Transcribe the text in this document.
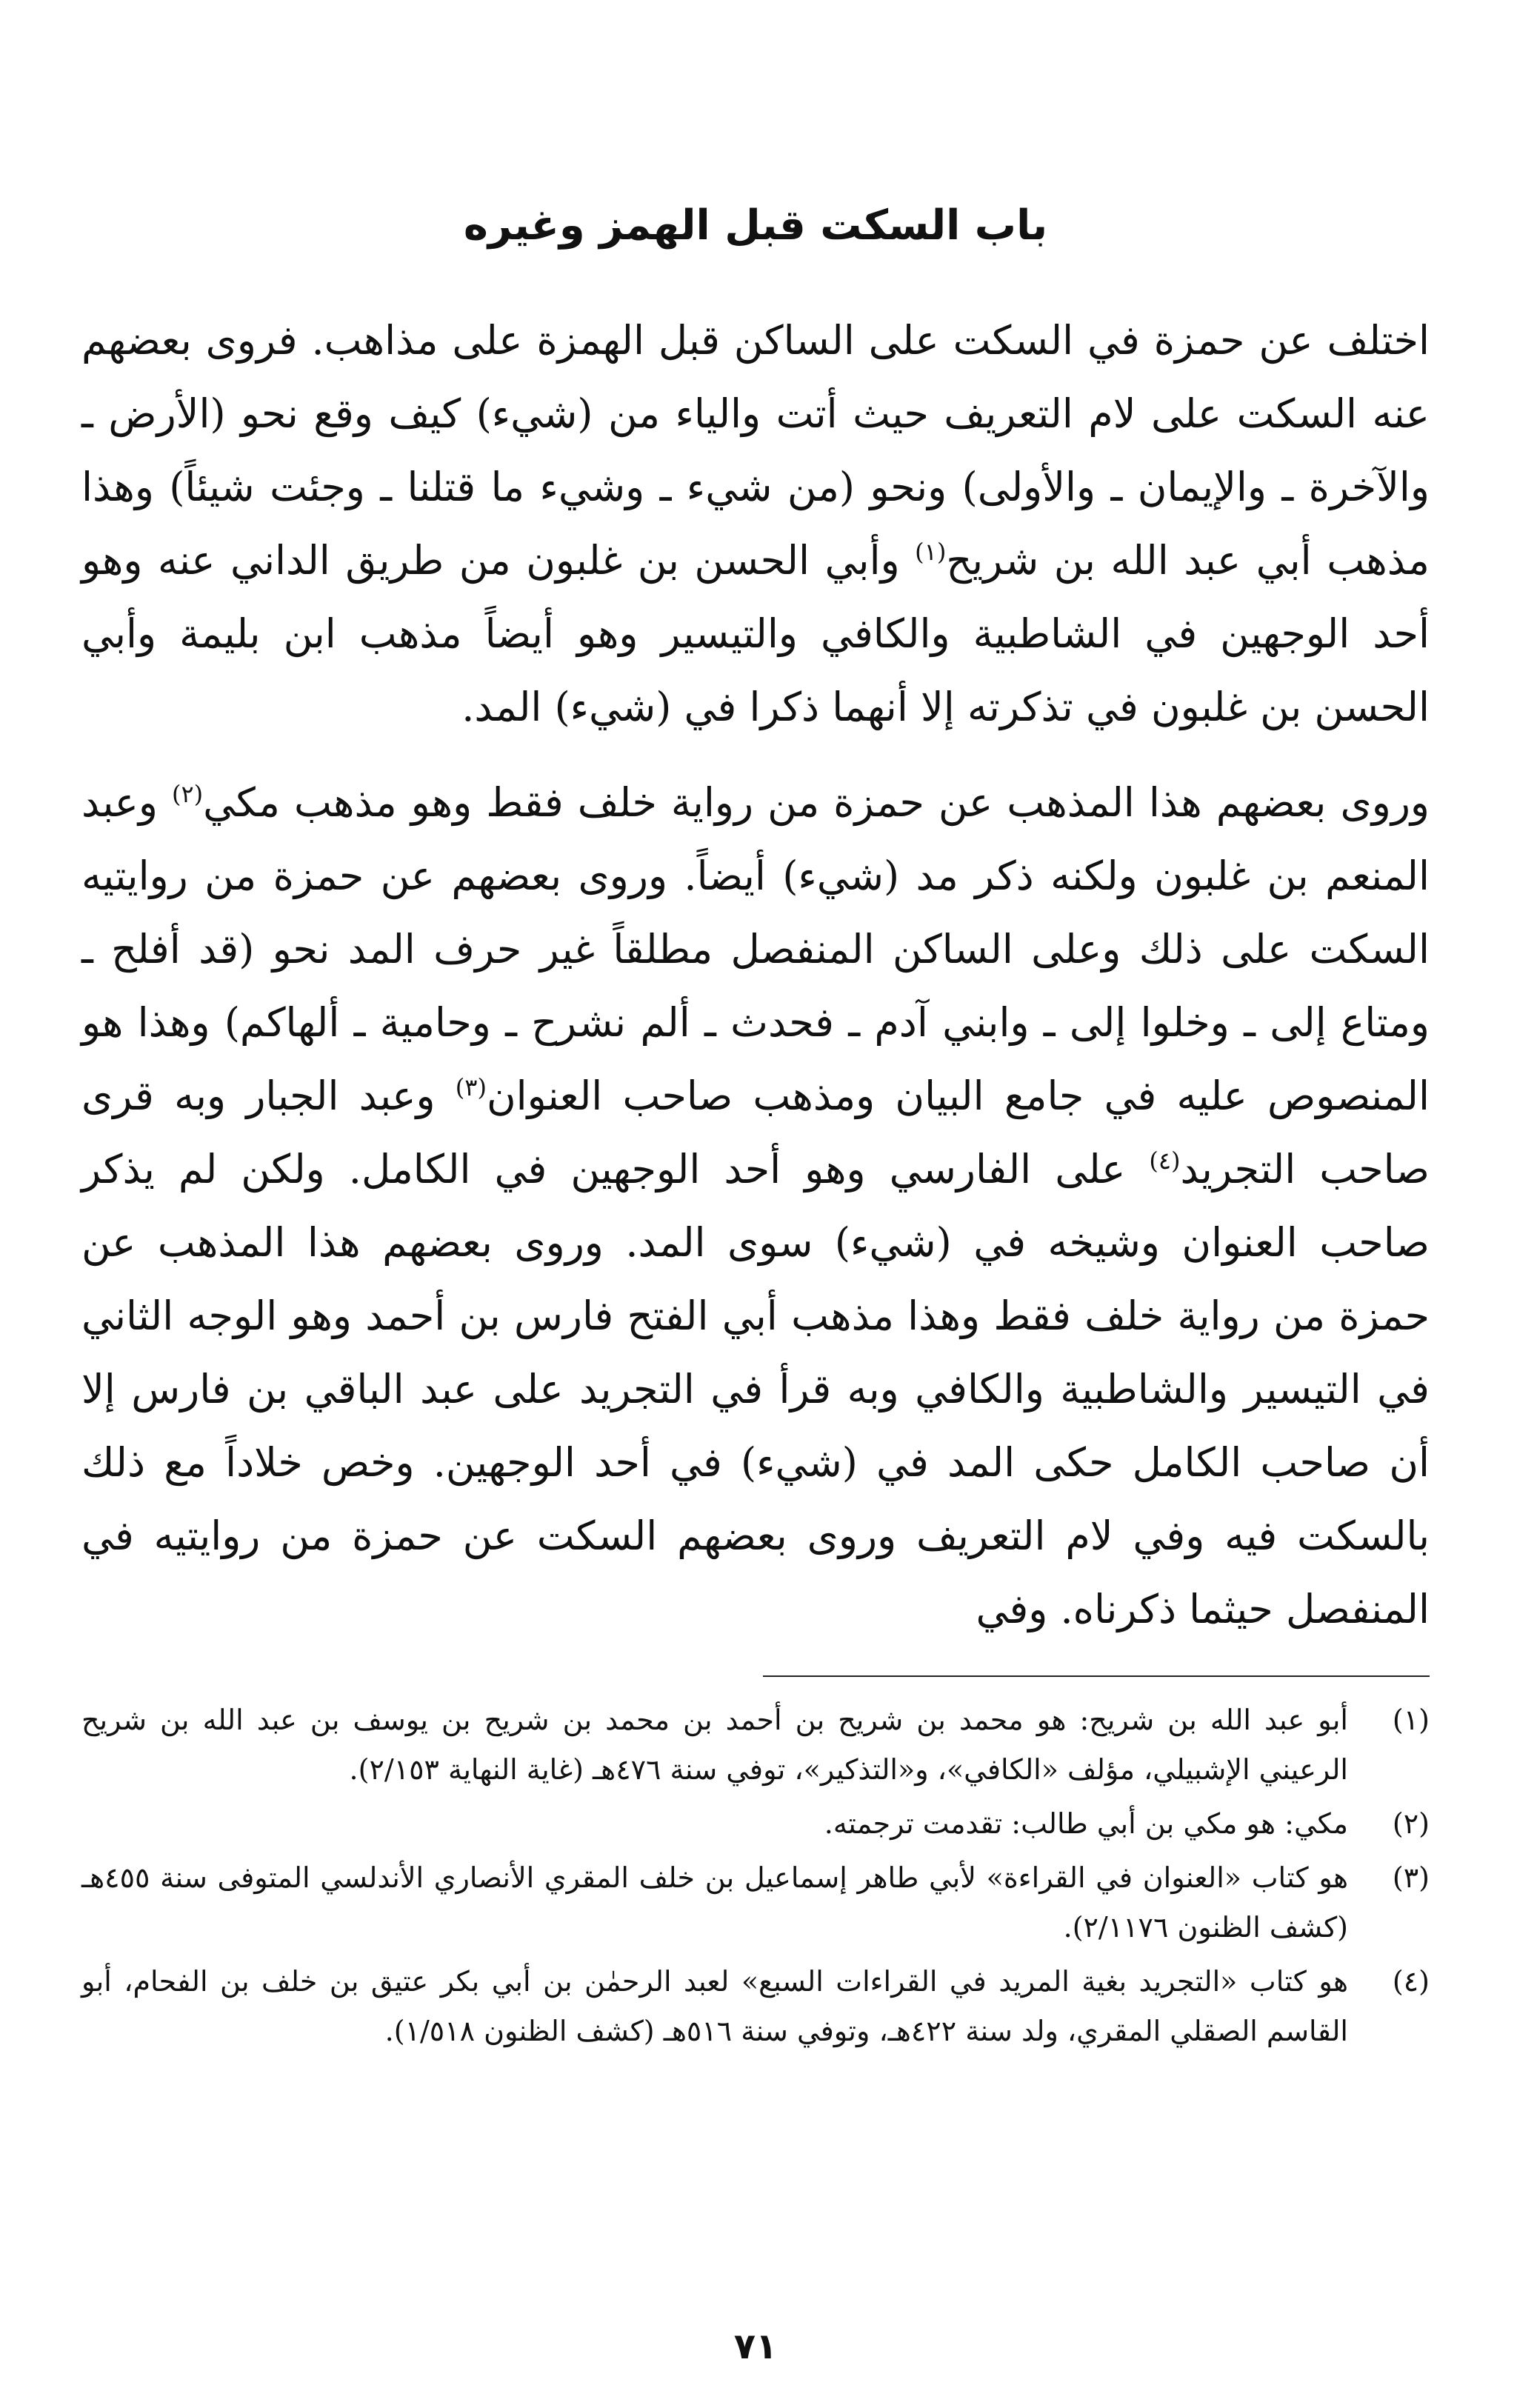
باب السكت قبل الهمز وغيره

اختلف عن حمزة في السكت على الساكن قبل الهمزة على مذاهب. فروى بعضهم عنه السكت على لام التعريف حيث أتت والياء من (شيء) كيف وقع نحو (الأرض ـ والآخرة ـ والإيمان ـ والأولى) ونحو (من شيء ـ وشيء ما قتلنا ـ وجئت شيئاً) وهذا مذهب أبي عبد الله بن شريح$^{(١)}$ وأبي الحسن بن غلبون من طريق الداني عنه وهو أحد الوجهين في الشاطبية والكافي والتيسير وهو أيضاً مذهب ابن بليمة وأبي الحسن بن غلبون في تذكرته إلا أنهما ذكرا في (شيء) المد.

وروى بعضهم هذا المذهب عن حمزة من رواية خلف فقط وهو مذهب مكي$^{(٢)}$ وعبد المنعم بن غلبون ولكنه ذكر مد (شيء) أيضاً. وروى بعضهم عن حمزة من روايتيه السكت على ذلك وعلى الساكن المنفصل مطلقاً غير حرف المد نحو (قد أفلح ـ ومتاع إلى ـ وخلوا إلى ـ وابني آدم ـ فحدث ـ ألم نشرح ـ وحامية ـ ألهاكم) وهذا هو المنصوص عليه في جامع البيان ومذهب صاحب العنوان$^{(٣)}$ وعبد الجبار وبه قرى صاحب التجريد$^{(٤)}$ على الفارسي وهو أحد الوجهين في الكامل. ولكن لم يذكر صاحب العنوان وشيخه في (شيء) سوى المد. وروى بعضهم هذا المذهب عن حمزة من رواية خلف فقط وهذا مذهب أبي الفتح فارس بن أحمد وهو الوجه الثاني في التيسير والشاطبية والكافي وبه قرأ في التجريد على عبد الباقي بن فارس إلا أن صاحب الكامل حكى المد في (شيء) في أحد الوجهين. وخص خلاداً مع ذلك بالسكت فيه وفي لام التعريف وروى بعضهم السكت عن حمزة من روايتيه في المنفصل حيثما ذكرناه. وفي

(١)
أبو عبد الله بن شريح: هو محمد بن شريح بن أحمد بن محمد بن شريح بن يوسف بن عبد الله بن شريح الرعيني الإشبيلي، مؤلف «الكافي»، و«التذكير»، توفي سنة ٤٧٦هـ (غاية النهاية ٢/١٥٣).
(٢)
مكي: هو مكي بن أبي طالب: تقدمت ترجمته.
(٣)
هو كتاب «العنوان في القراءة» لأبي طاهر إسماعيل بن خلف المقري الأنصاري الأندلسي المتوفى سنة ٤٥٥هـ (كشف الظنون ٢/١١٧٦).
(٤)
هو كتاب «التجريد بغية المريد في القراءات السبع» لعبد الرحمٰن بن أبي بكر عتيق بن خلف بن الفحام، أبو القاسم الصقلي المقري، ولد سنة ٤٢٢هـ، وتوفي سنة ٥١٦هـ (كشف الظنون ١/٥١٨).
٧١
